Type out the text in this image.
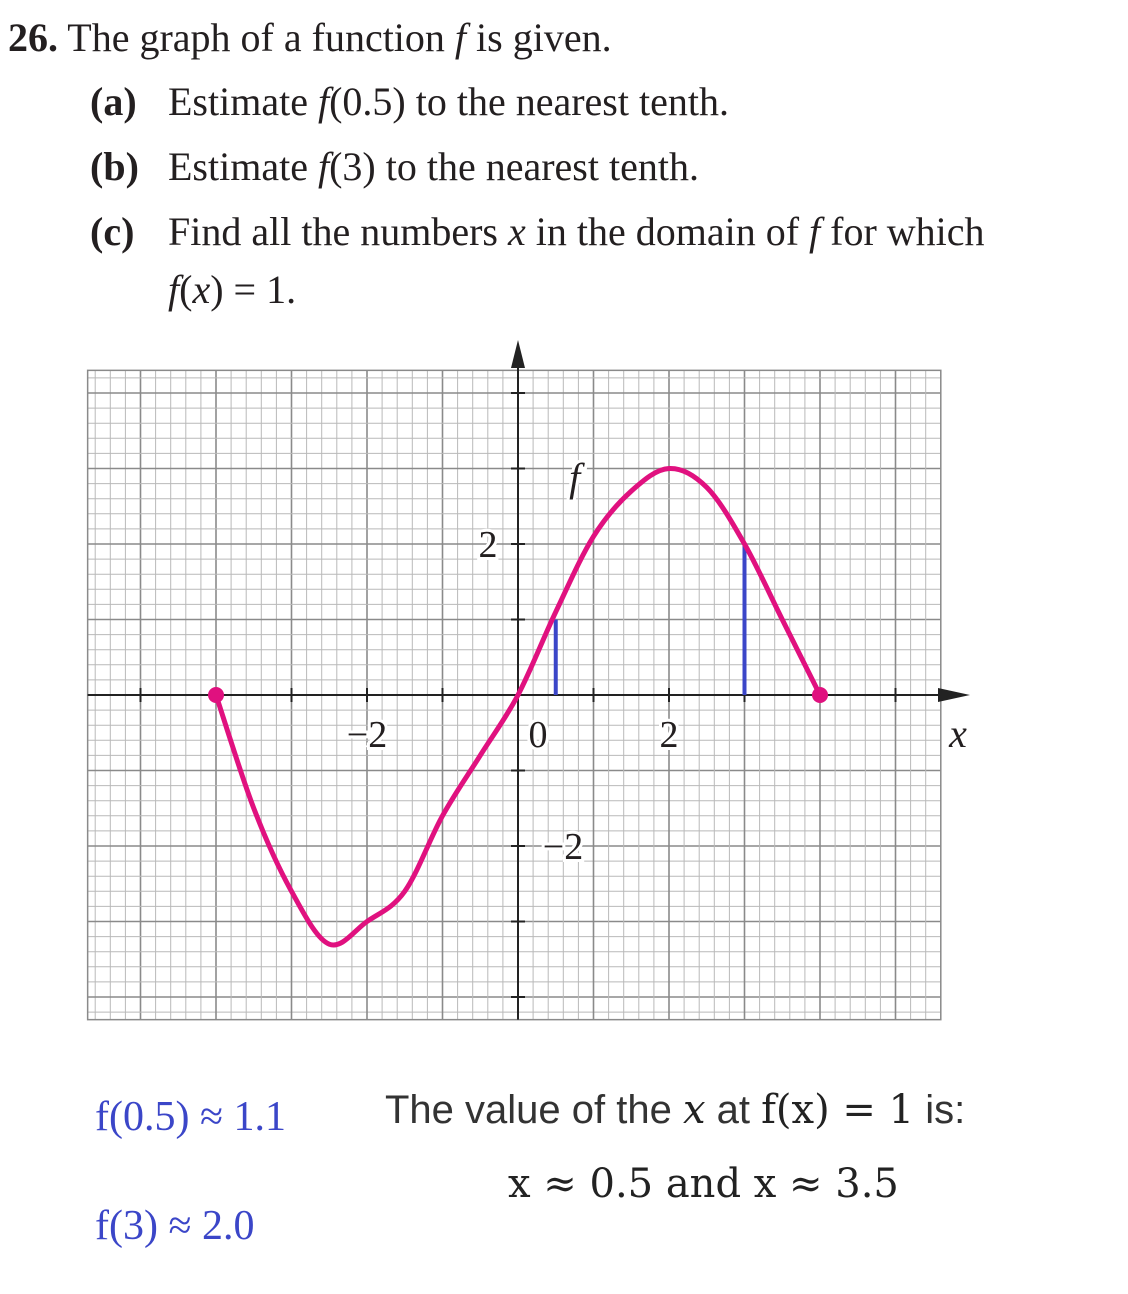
26. The graph of a function f is given.
(a) Estimate f(0.5) to the nearest tenth.
(b) Estimate f(3) to the nearest tenth.
(c) Find all the numbers x in the domain of f for which
f(x) = 1.
−2	0	2
2
−2
x
f
f(0.5) ≈ 1.1
f(3) ≈ 2.0
The value of the x at f(x) = 1 is:
x ≈ 0.5 and x ≈ 3.5
